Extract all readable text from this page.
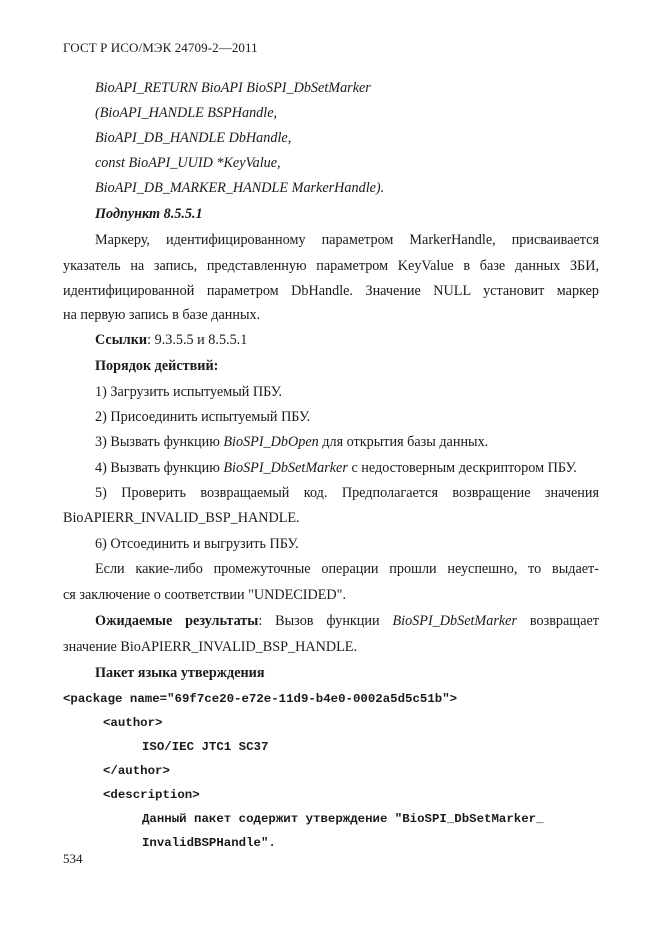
ГОСТ Р ИСО/МЭК 24709-2—2011
BioAPI_RETURN BioAPI BioSPI_DbSetMarker
(BioAPI_HANDLE BSPHandle,
BioAPI_DB_HANDLE DbHandle,
const BioAPI_UUID *KeyValue,
BioAPI_DB_MARKER_HANDLE MarkerHandle).
Подпункт 8.5.5.1
Маркеру, идентифицированному параметром MarkerHandle, присваивается
указатель на запись, представленную параметром KeyValue в базе данных ЗБИ,
идентифицированной параметром DbHandle. Значение NULL установит маркер
на первую запись в базе данных.
Ссылки: 9.3.5.5 и 8.5.5.1
Порядок действий:
1) Загрузить испытуемый ПБУ.
2) Присоединить испытуемый ПБУ.
3) Вызвать функцию BioSPI_DbOpen для открытия базы данных.
4) Вызвать функцию BioSPI_DbSetMarker с недостоверным дескриптором ПБУ.
5) Проверить возвращаемый код. Предполагается возвращение значения
BioAPIERR_INVALID_BSP_HANDLE.
6) Отсоединить и выгрузить ПБУ.
Если какие-либо промежуточные операции прошли неуспешно, то выдает-
ся заключение о соответствии "UNDECIDED".
Ожидаемые результаты: Вызов функции BioSPI_DbSetMarker возвращает
значение BioAPIERR_INVALID_BSP_HANDLE.
Пакет языка утверждения
<package name="69f7ce20-e72e-11d9-b4e0-0002a5d5c51b">
<author>
ISO/IEC JTC1 SC37
</author>
<description>
Данный пакет содержит утверждение "BioSPI_DbSetMarker_
InvalidBSPHandle".
534
